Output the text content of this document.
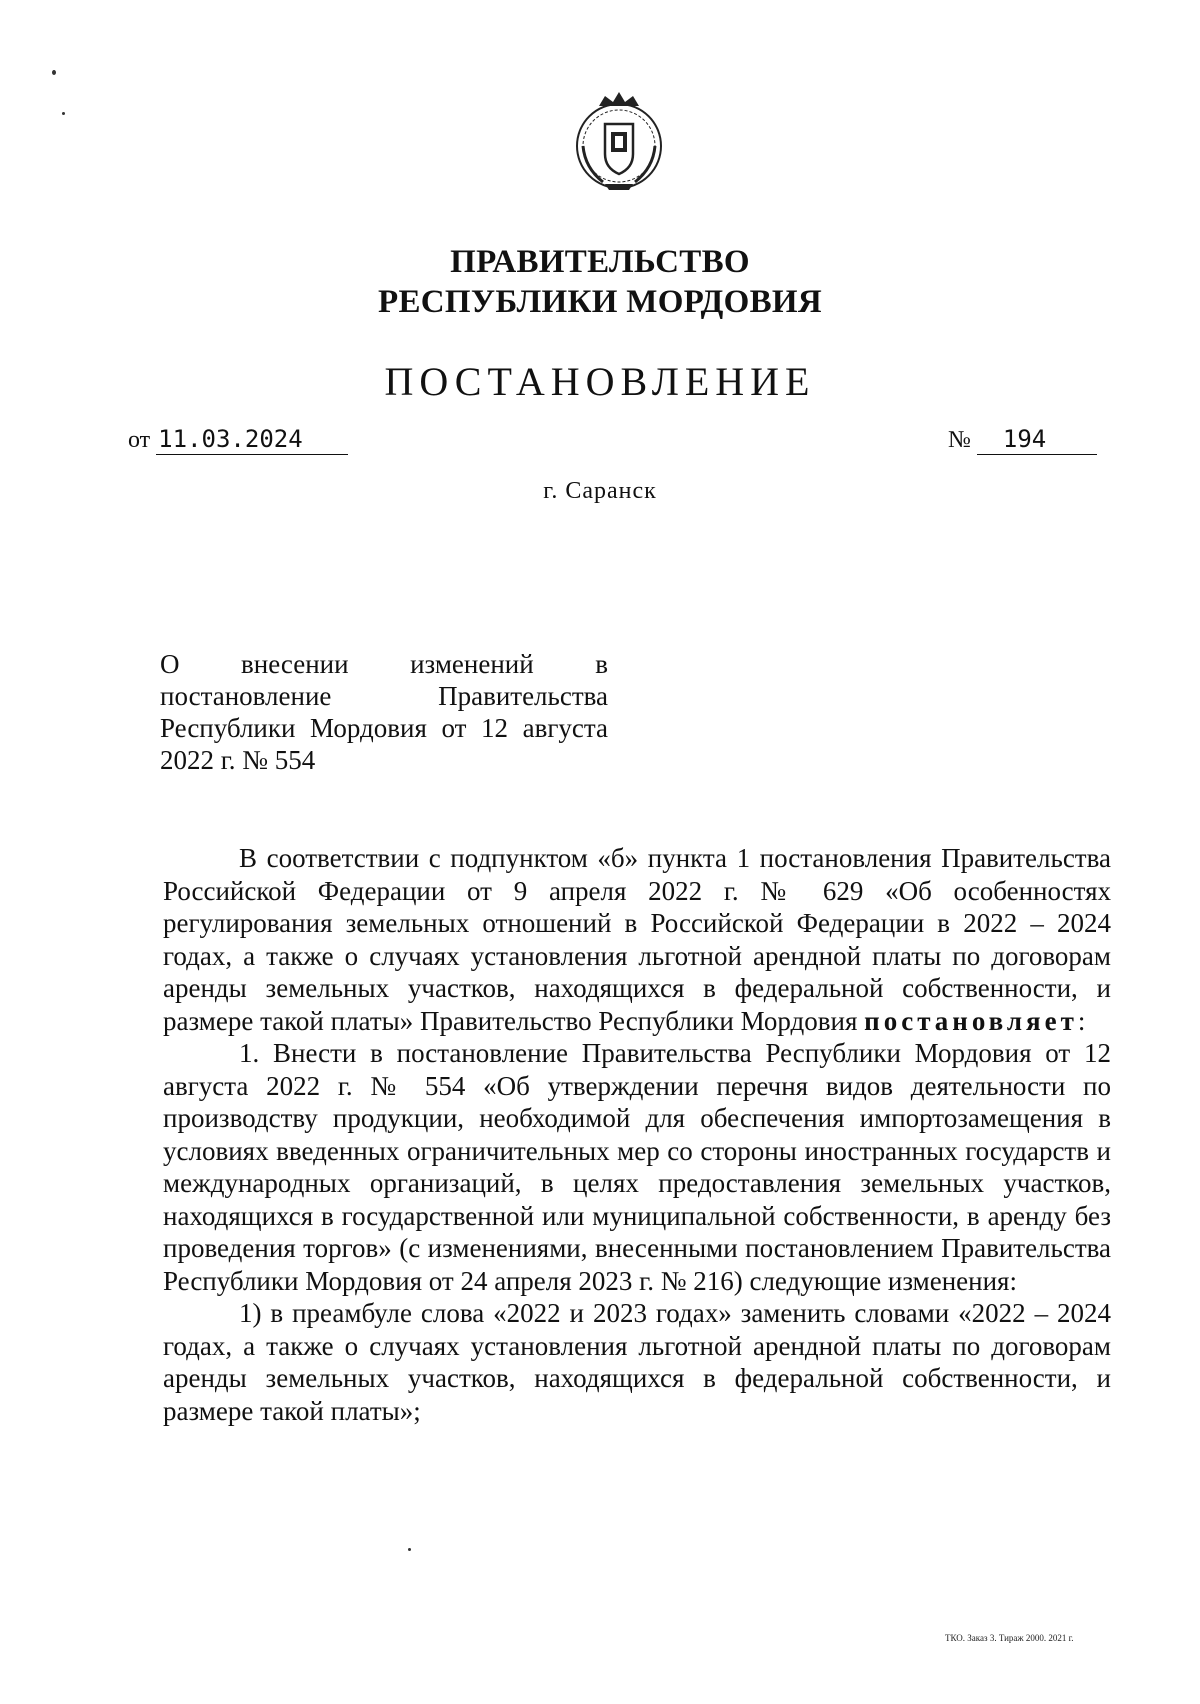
ПРАВИТЕЛЬСТВО
РЕСПУБЛИКИ МОРДОВИЯ
ПОСТАНОВЛЕНИЕ
от 11.03.2024	№ 194
г. Саранск
О внесении изменений в постановление Правительства Республики Мордовия от 12 августа 2022 г. № 554

В соответствии с подпунктом «б» пункта 1 постановления Правительства Российской Федерации от 9 апреля 2022 г. № 629 «Об особенностях регулирования земельных отношений в Российской Федерации в 2022 – 2024 годах, а также о случаях установления льготной арендной платы по договорам аренды земельных участков, находящихся в федеральной собственности, и размере такой платы» Правительство Республики Мордовия постановляет:

1. Внести в постановление Правительства Республики Мордовия от 12 августа 2022 г. № 554 «Об утверждении перечня видов деятельности по производству продукции, необходимой для обеспечения импортозамещения в условиях введенных ограничительных мер со стороны иностранных государств и международных организаций, в целях предоставления земельных участков, находящихся в государственной или муниципальной собственности, в аренду без проведения торгов» (с изменениями, внесенными постановлением Правительства Республики Мордовия от 24 апреля 2023 г. № 216) следующие изменения:

1) в преамбуле слова «2022 и 2023 годах» заменить словами «2022 – 2024 годах, а также о случаях установления льготной арендной платы по договорам аренды земельных участков, находящихся в федеральной собственности, и размере такой платы»;

ТКО. Заказ 3. Тираж 2000. 2021 г.
